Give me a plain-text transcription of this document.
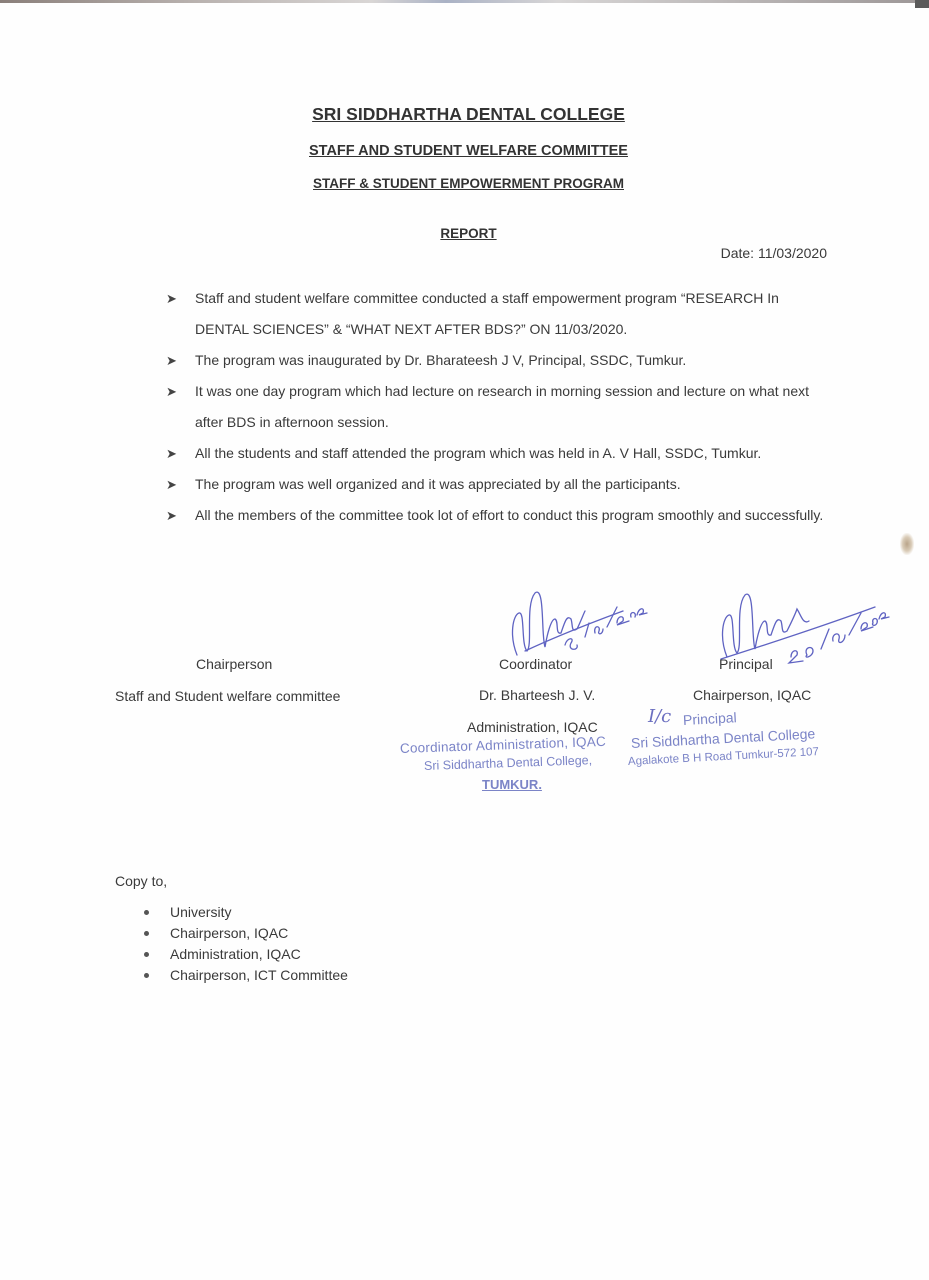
SRI SIDDHARTHA DENTAL COLLEGE
STAFF AND STUDENT WELFARE COMMITTEE
STAFF & STUDENT EMPOWERMENT PROGRAM
REPORT
Date: 11/03/2020
➤ Staff and student welfare committee conducted a staff empowerment program “RESEARCH In DENTAL SCIENCES” & “WHAT NEXT AFTER BDS?” ON 11/03/2020.
➤ The program was inaugurated by Dr. Bharateesh J V, Principal, SSDC, Tumkur.
➤ It was one day program which had lecture on research in morning session and lecture on what next after BDS in afternoon session.
➤ All the students and staff attended the program which was held in A. V Hall, SSDC, Tumkur.
➤ The program was well organized and it was appreciated by all the participants.
➤ All the members of the committee took lot of effort to conduct this program smoothly and successfully.
Chairperson
Staff and Student welfare committee
Coordinator
Dr. Bharteesh J. V.
Administration, IQAC
Principal
Chairperson, IQAC
Coordinator Administration, IQAC
Sri Siddhartha Dental College,
TUMKUR.
I/c Principal
Sri Siddhartha Dental College
Agalakote B H Road Tumkur-572 107
Copy to,
University
Chairperson, IQAC
Administration, IQAC
Chairperson, ICT Committee
